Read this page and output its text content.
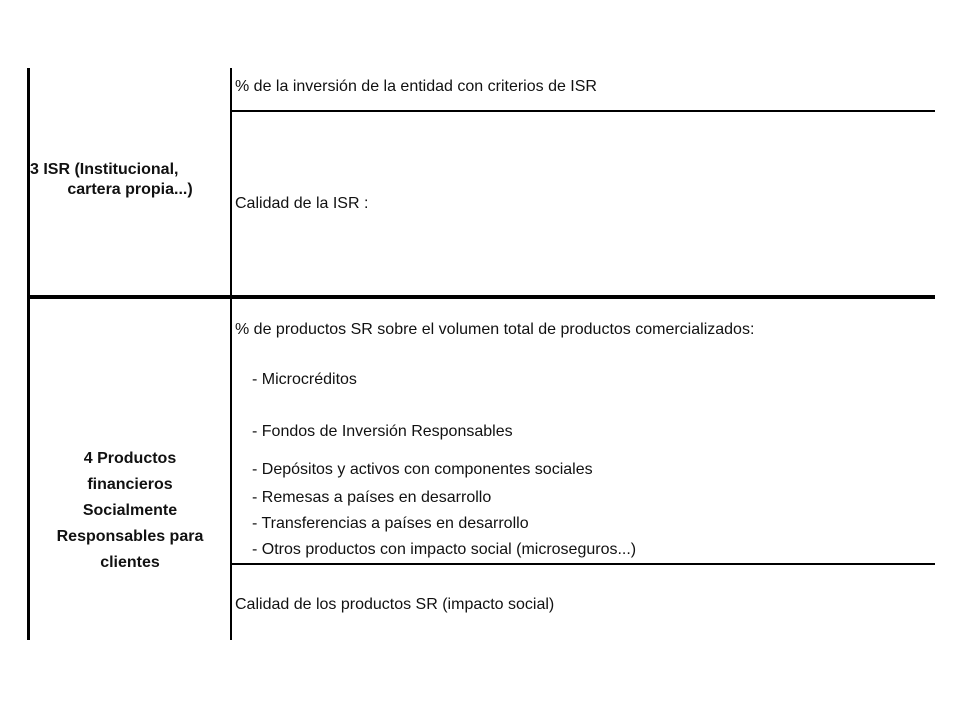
3 ISR (Institucional,
cartera propia...)
% de la inversión de la entidad con criterios de ISR
Calidad de la ISR :
4 Productos
financieros
Socialmente
Responsables para
clientes
% de productos SR sobre el volumen total de productos comercializados:
- Microcréditos
- Fondos de Inversión Responsables
- Depósitos y activos con componentes sociales
- Remesas a países en desarrollo
- Transferencias a países en desarrollo
- Otros productos con impacto social (microseguros...)
Calidad de los productos SR (impacto social)
